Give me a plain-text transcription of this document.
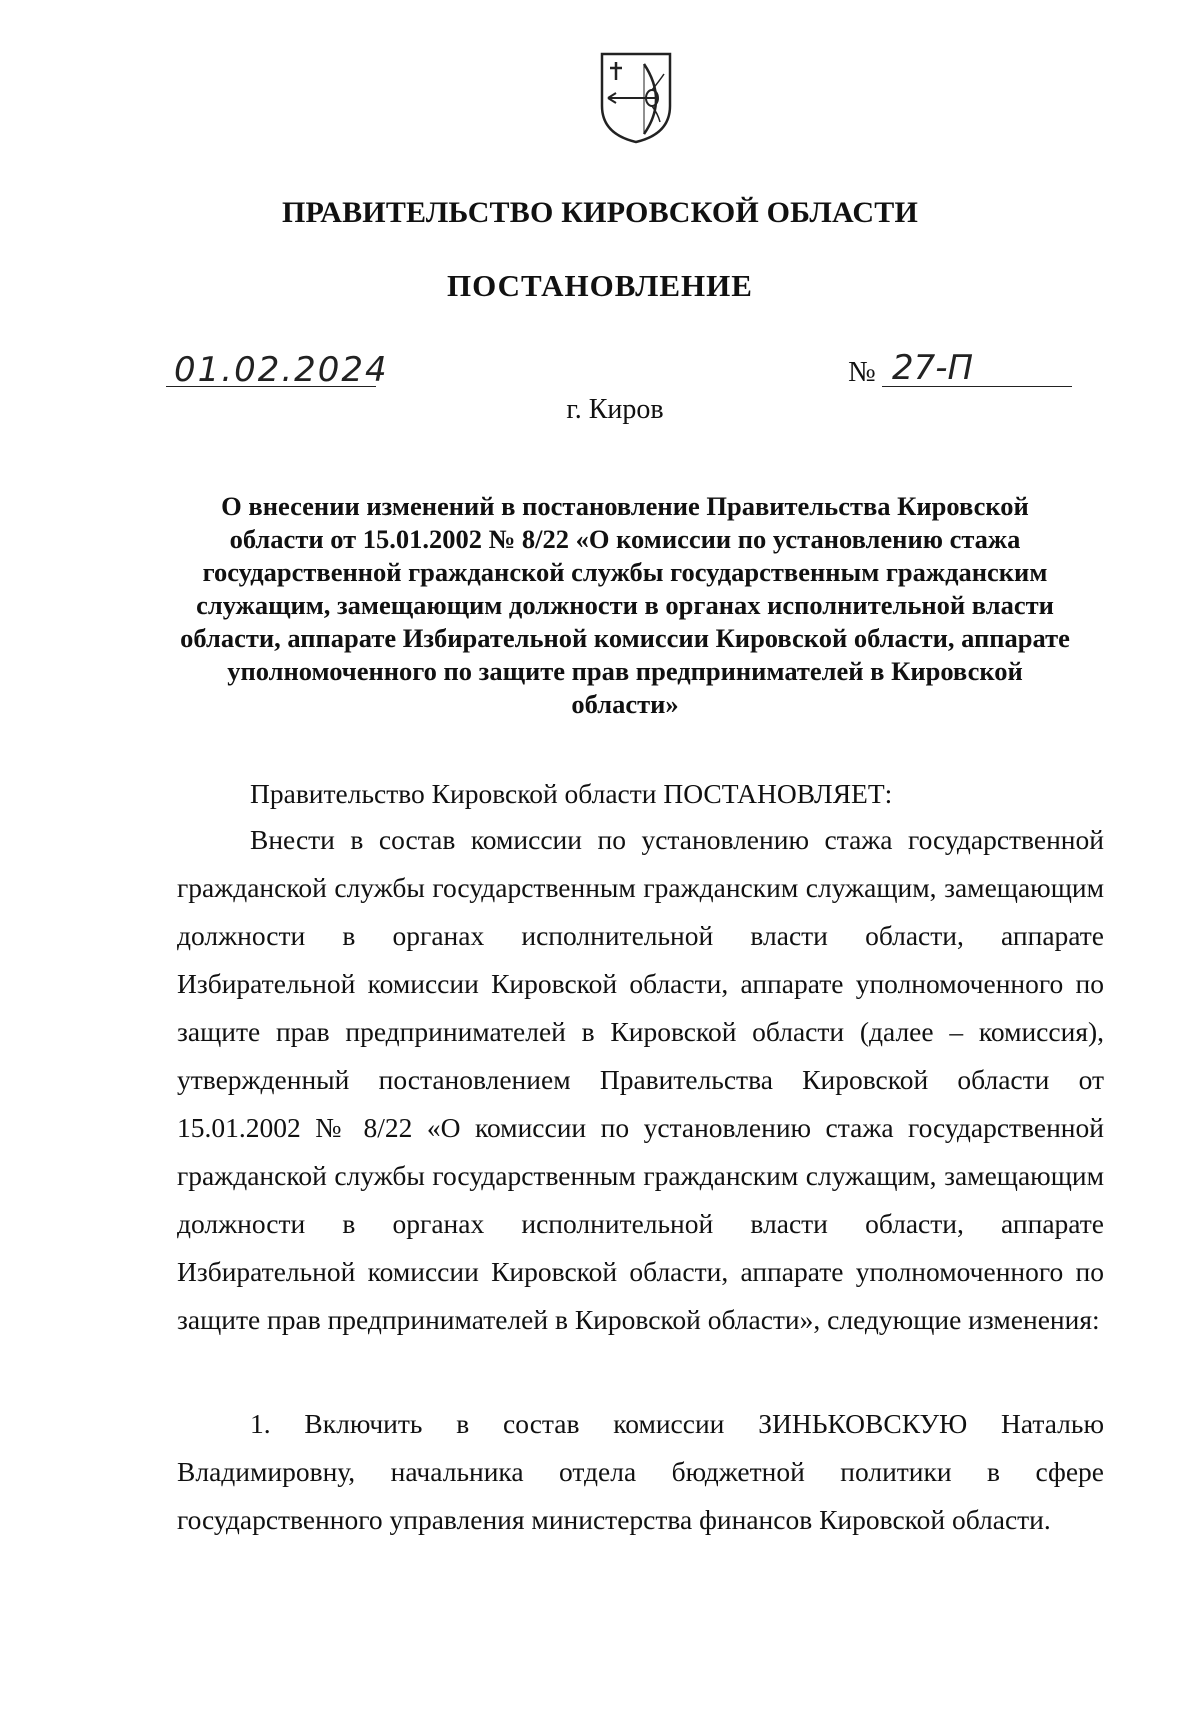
ПРАВИТЕЛЬСТВО КИРОВСКОЙ ОБЛАСТИ
ПОСТАНОВЛЕНИЕ
01.02.2024	№ 27-П
г. Киров
О внесении изменений в постановление Правительства Кировской области от 15.01.2002 № 8/22 «О комиссии по установлению стажа государственной гражданской службы государственным гражданским служащим, замещающим должности в органах исполнительной власти области, аппарате Избирательной комиссии Кировской области, аппарате уполномоченного по защите прав предпринимателей в Кировской области»
Правительство Кировской области ПОСТАНОВЛЯЕТ:
Внести в состав комиссии по установлению стажа государственной гражданской службы государственным гражданским служащим, замещающим должности в органах исполнительной власти области, аппарате Избирательной комиссии Кировской области, аппарате уполномоченного по защите прав предпринимателей в Кировской области (далее – комиссия), утвержденный постановлением Правительства Кировской области от 15.01.2002 № 8/22 «О комиссии по установлению стажа государственной гражданской службы государственным гражданским служащим, замещающим должности в органах исполнительной власти области, аппарате Избирательной комиссии Кировской области, аппарате уполномоченного по защите прав предпринимателей в Кировской области», следующие изменения:
1. Включить в состав комиссии ЗИНЬКОВСКУЮ Наталью Владимировну, начальника отдела бюджетной политики в сфере государственного управления министерства финансов Кировской области.
